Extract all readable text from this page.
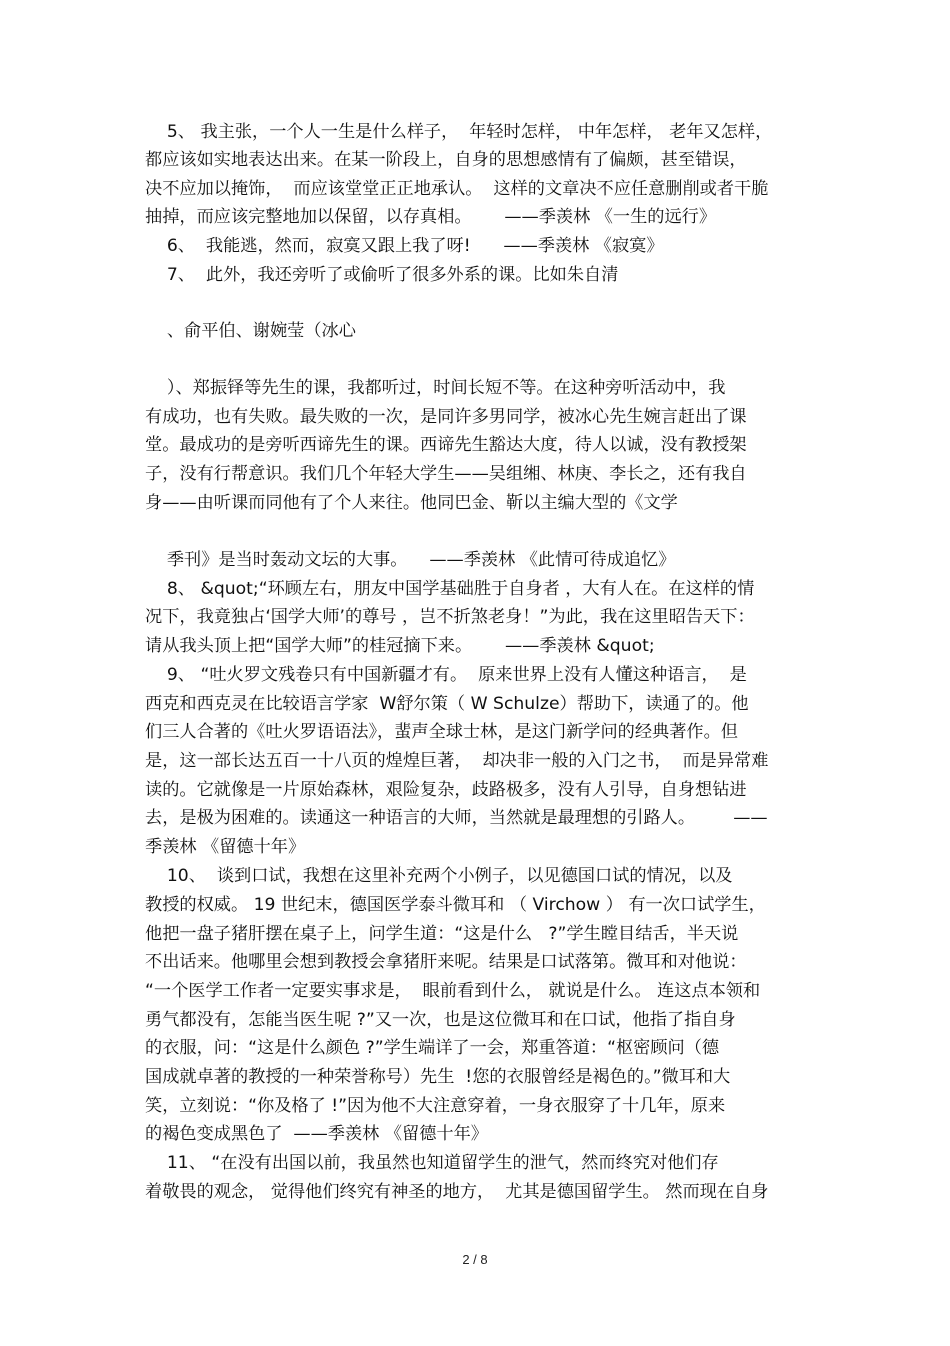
5、 我主张，一个人一生是什么样子，  年轻时怎样， 中年怎样， 老年又怎样，
都应该如实地表达出来。在某一阶段上，自身的思想感情有了偏颇，甚至错误，
决不应加以掩饰，  而应该堂堂正正地承认。  这样的文章决不应任意删削或者干脆
抽掉，而应该完整地加以保留，以存真相。      ——季羡林 《一生的远行》
6、  我能逃，然而，寂寞又跟上我了呀!      ——季羡林 《寂寞》
7、  此外，我还旁听了或偷听了很多外系的课。比如朱自清
、俞平伯、谢婉莹（冰心
）、郑振铎等先生的课，我都听过，时间长短不等。在这种旁听活动中，我
有成功，也有失败。最失败的一次，是同许多男同学，被冰心先生婉言赶出了课
堂。最成功的是旁听西谛先生的课。西谛先生豁达大度，待人以诚，没有教授架
子，没有行帮意识。我们几个年轻大学生——吴组缃、林庚、李长之，还有我自
身——由听课而同他有了个人来往。他同巴金、靳以主编大型的《文学
季刊》是当时轰动文坛的大事。    ——季羡林 《此情可待成追忆》
8、 &quot;“环顾左右，朋友中国学基础胜于自身者 ，大有人在。在这样的情
况下，我竟独占‘国学大师’的尊号 ，岂不折煞老身！”为此，我在这里昭告天下：
请从我头顶上把“国学大师”的桂冠摘下来。      ——季羡林 &quot;
9、 “吐火罗文残卷只有中国新疆才有。  原来世界上没有人懂这种语言，  是
西克和西克灵在比较语言学家  W舒尔策（ W Schulze）帮助下，读通了的。他
们三人合著的《吐火罗语语法》，蜚声全球士林，是这门新学问的经典著作。但
是，这一部长达五百一十八页的煌煌巨著，  却决非一般的入门之书，  而是异常难
读的。它就像是一片原始森林，艰险复杂，歧路极多，没有人引导，自身想钻进
去，是极为困难的。读通这一种语言的大师，当然就是最理想的引路人。       ——
季羡林 《留德十年》
10、  谈到口试，我想在这里补充两个小例子，以见德国口试的情况，以及
教授的权威。 19 世纪末，德国医学泰斗微耳和 （ Virchow ） 有一次口试学生，
他把一盘子猪肝摆在桌子上，问学生道：“这是什么   ?”学生瞠目结舌，半天说
不出话来。他哪里会想到教授会拿猪肝来呢。结果是口试落第。微耳和对他说：
“一个医学工作者一定要实事求是，  眼前看到什么， 就说是什么。 连这点本领和
勇气都没有，怎能当医生呢 ?”又一次，也是这位微耳和在口试，他指了指自身
的衣服，问：“这是什么颜色 ?”学生端详了一会，郑重答道：“枢密顾问（德
国成就卓著的教授的一种荣誉称号）先生  !您的衣服曾经是褐色的。”微耳和大
笑，立刻说：“你及格了 !”因为他不大注意穿着，一身衣服穿了十几年，原来
的褐色变成黑色了  ——季羡林 《留德十年》
11、 “在没有出国以前，我虽然也知道留学生的泄气，然而终究对他们存
着敬畏的观念， 觉得他们终究有神圣的地方，  尤其是德国留学生。 然而现在自身
2 / 8
